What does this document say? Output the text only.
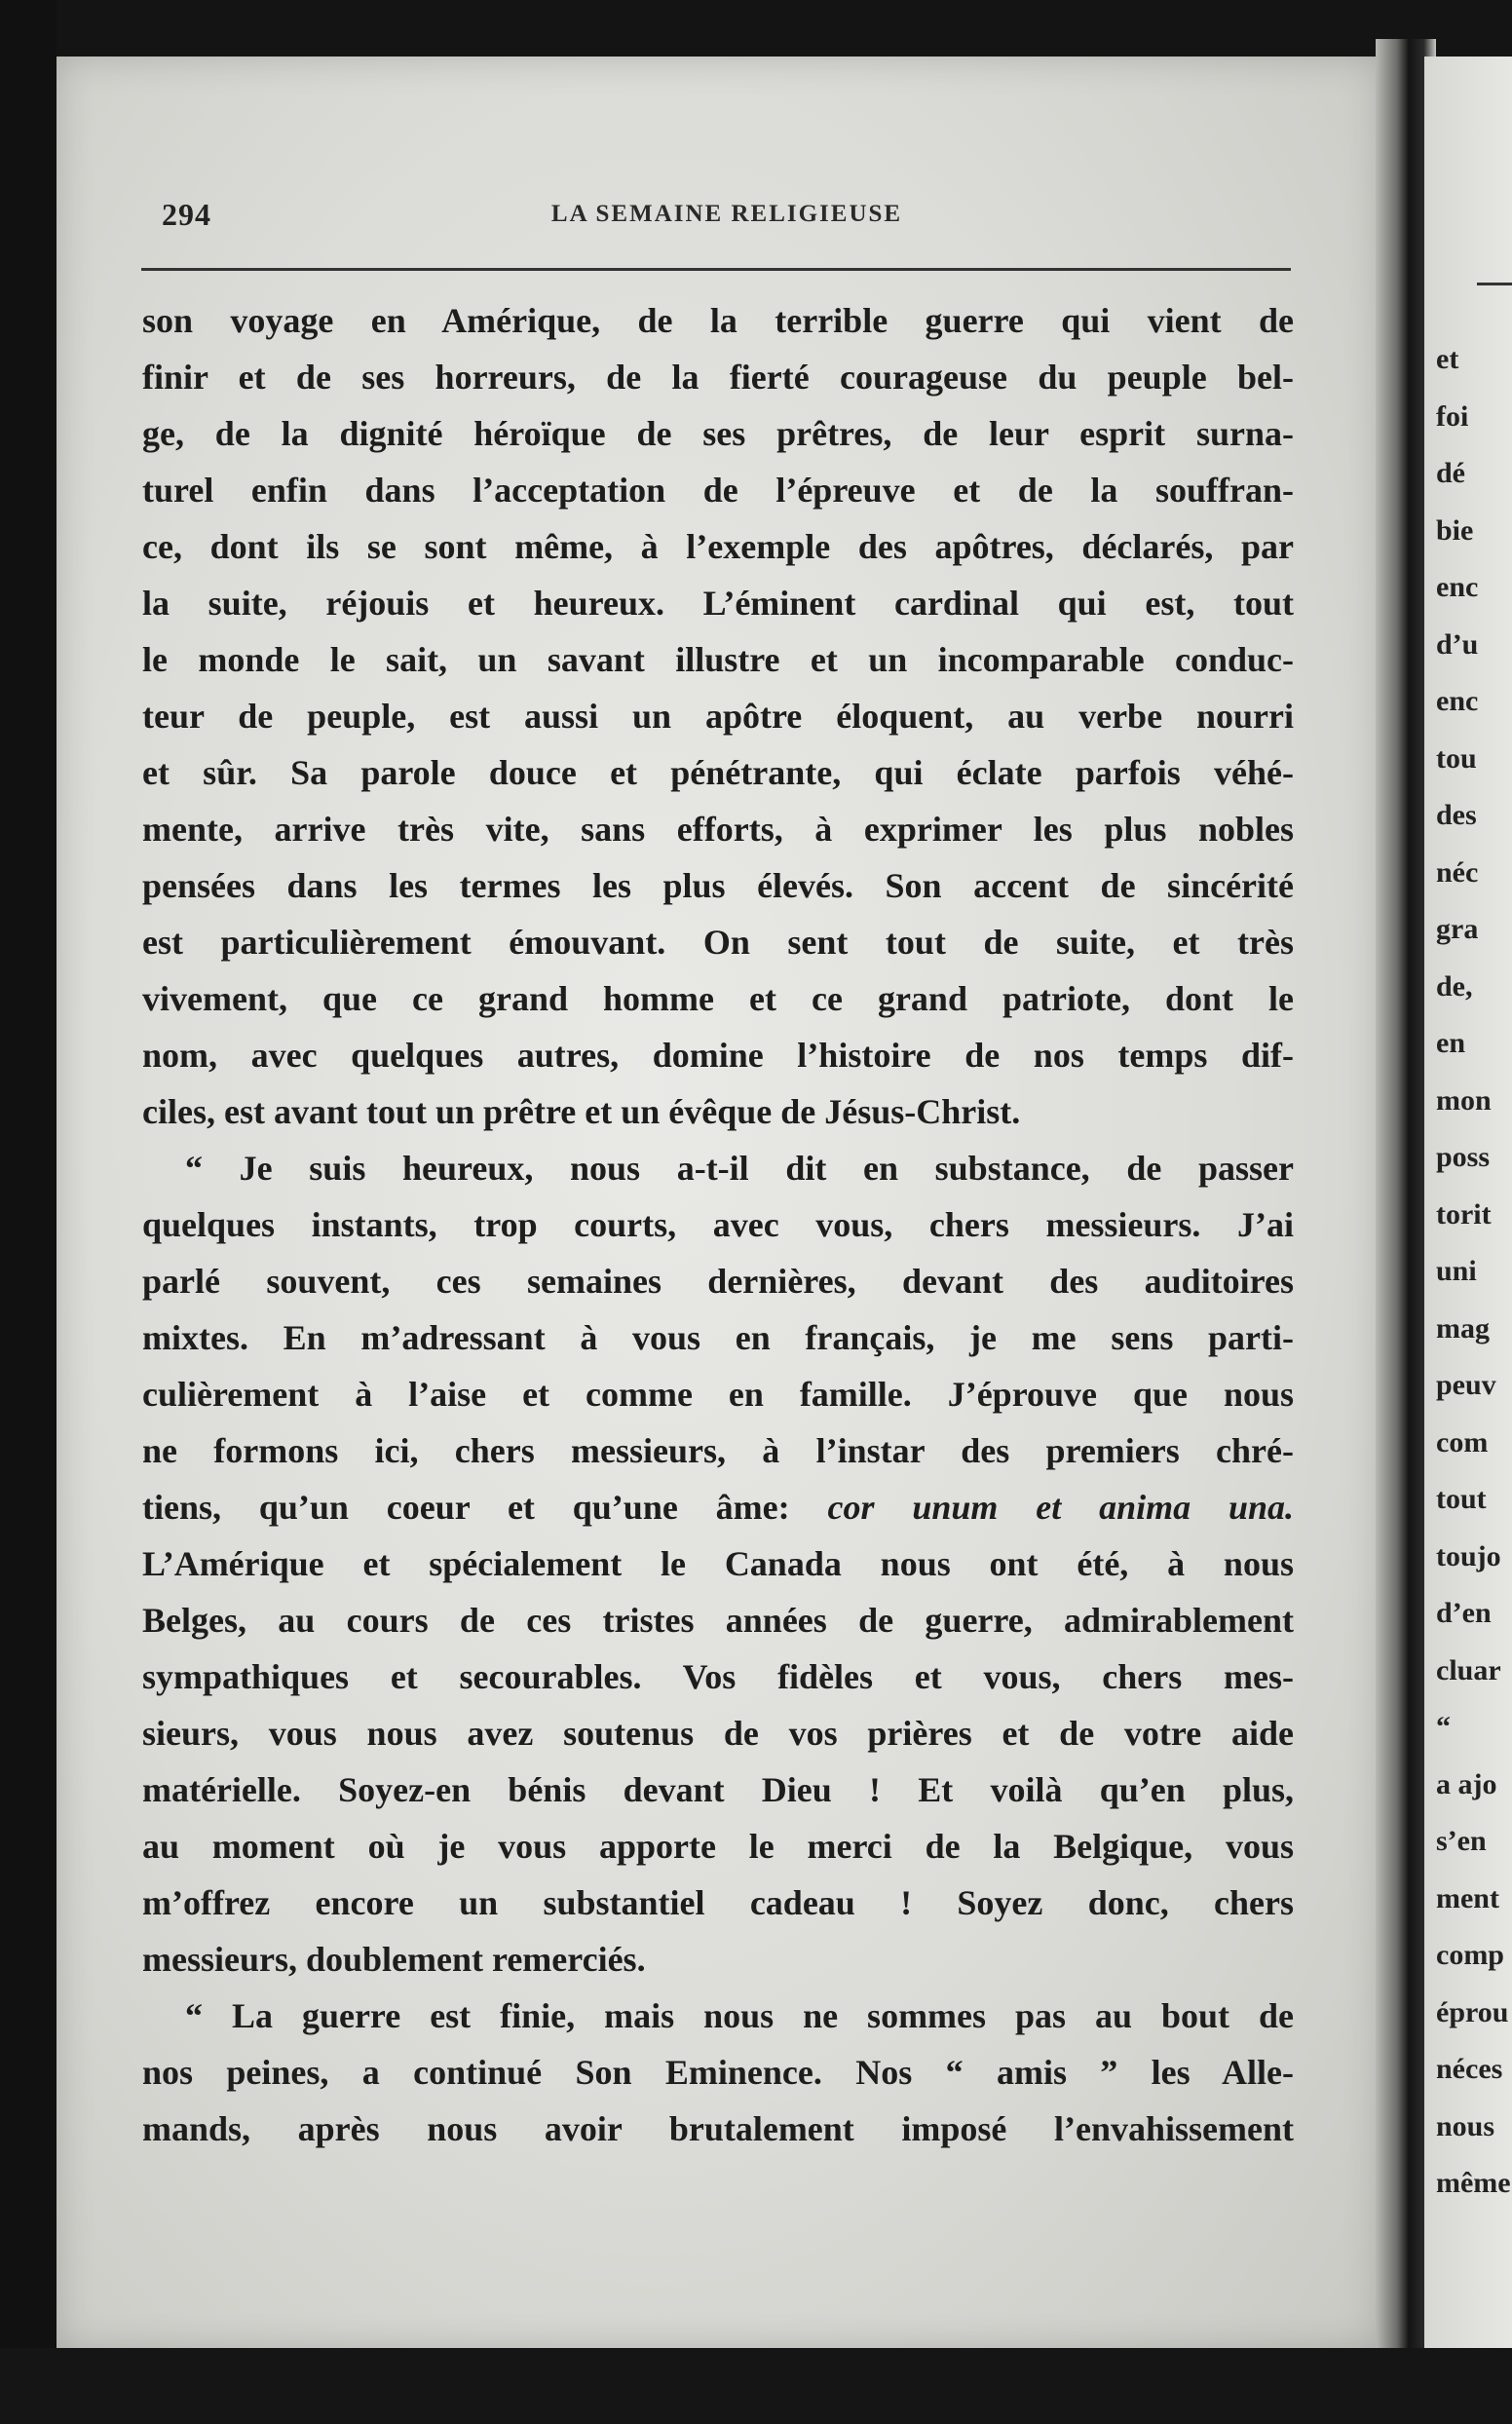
294	LA SEMAINE RELIGIEUSE

son voyage en Amérique, de la terrible guerre qui vient de
finir et de ses horreurs, de la fierté courageuse du peuple bel-
ge, de la dignité héroïque de ses prêtres, de leur esprit surna-
turel enfin dans l’acceptation de l’épreuve et de la souffran-
ce, dont ils se sont même, à l’exemple des apôtres, déclarés, par
la suite, réjouis et heureux. L’éminent cardinal qui est, tout
le monde le sait, un savant illustre et un incomparable conduc-
teur de peuple, est aussi un apôtre éloquent, au verbe nourri
et sûr. Sa parole douce et pénétrante, qui éclate parfois véhé-
mente, arrive très vite, sans efforts, à exprimer les plus nobles
pensées dans les termes les plus élevés. Son accent de sincérité
est particulièrement émouvant. On sent tout de suite, et très
vivement, que ce grand homme et ce grand patriote, dont le
nom, avec quelques autres, domine l’histoire de nos temps dif-
ciles, est avant tout un prêtre et un évêque de Jésus-Christ.

“ Je suis heureux, nous a-t-il dit en substance, de passer
quelques instants, trop courts, avec vous, chers messieurs. J’ai
parlé souvent, ces semaines dernières, devant des auditoires
mixtes. En m’adressant à vous en français, je me sens parti-
culièrement à l’aise et comme en famille. J’éprouve que nous
ne formons ici, chers messieurs, à l’instar des premiers chré-
tiens, qu’un coeur et qu’une âme: cor unum et anima una.
L’Amérique et spécialement le Canada nous ont été, à nous
Belges, au cours de ces tristes années de guerre, admirablement
sympathiques et secourables. Vos fidèles et vous, chers mes-
sieurs, vous nous avez soutenus de vos prières et de votre aide
matérielle. Soyez-en bénis devant Dieu ! Et voilà qu’en plus,
au moment où je vous apporte le merci de la Belgique, vous
m’offrez encore un substantiel cadeau ! Soyez donc, chers
messieurs, doublement remerciés.

“ La guerre est finie, mais nous ne sommes pas au bout de
nos peines, a continué Son Eminence. Nos “ amis ” les Alle-
mands, après nous avoir brutalement imposé l’envahissement

et
foi
dé
bie
enc
d’u
enc
tou
des
néc
gra
de,
en
mon
poss
torit
uni
mag
peuv
com
tout
toujo
d’en
cluar
“
a ajo
s’en
ment
comp
éprou
néces
nous
même
